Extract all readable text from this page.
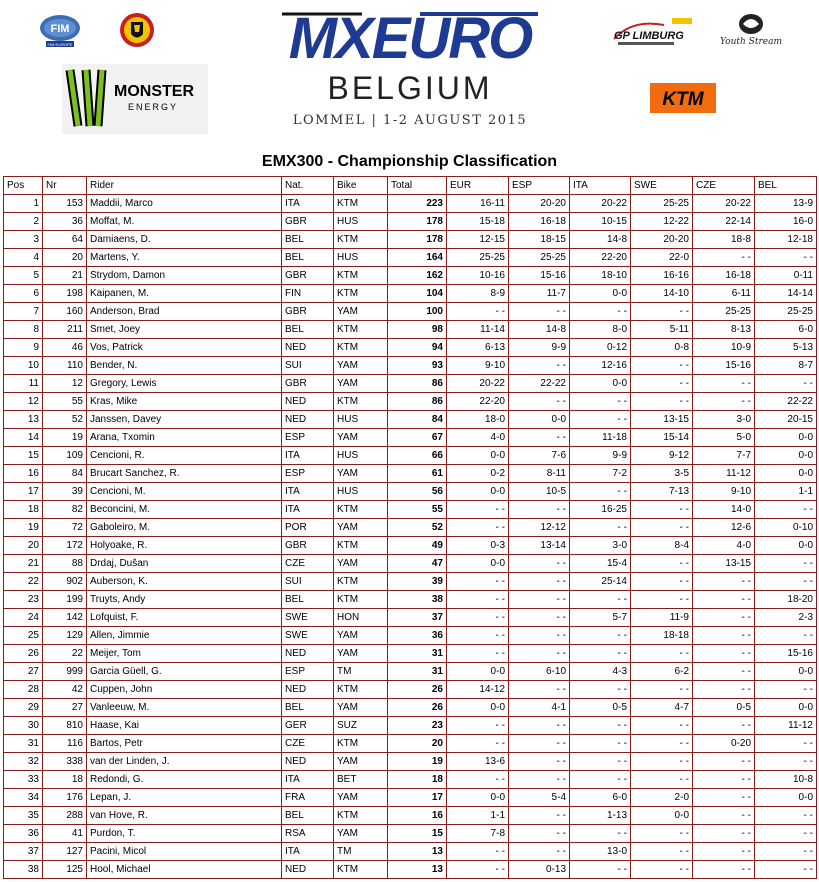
FIM
FIM EUROPE
MONSTER
ENERGY
MXEURO
BELGIUM
LOMMEL | 1-2 AUGUST 2015
GP LIMBURG	Youth Stream
KTM
EMX300 - Championship Classification
Pos	Nr	Rider	Nat.	Bike	Total	EUR	ESP	ITA	SWE	CZE	BEL
1	153	Maddii, Marco	ITA	KTM	223	16-11	20-20	20-22	25-25	20-22	13-9
2	36	Moffat, M.	GBR	HUS	178	15-18	16-18	10-15	12-22	22-14	16-0
3	64	Damiaens, D.	BEL	KTM	178	12-15	18-15	14-8	20-20	18-8	12-18
4	20	Martens, Y.	BEL	HUS	164	25-25	25-25	22-20	22-0	- -	- -
5	21	Strydom, Damon	GBR	KTM	162	10-16	15-16	18-10	16-16	16-18	0-11
6	198	Kaipanen, M.	FIN	KTM	104	8-9	11-7	0-0	14-10	6-11	14-14
7	160	Anderson, Brad	GBR	YAM	100	- -	- -	- -	- -	25-25	25-25
8	211	Smet, Joey	BEL	KTM	98	11-14	14-8	8-0	5-11	8-13	6-0
9	46	Vos, Patrick	NED	KTM	94	6-13	9-9	0-12	0-8	10-9	5-13
10	110	Bender, N.	SUI	YAM	93	9-10	- -	12-16	- -	15-16	8-7
11	12	Gregory, Lewis	GBR	YAM	86	20-22	22-22	0-0	- -	- -	- -
12	55	Kras, Mike	NED	KTM	86	22-20	- -	- -	- -	- -	22-22
13	52	Janssen, Davey	NED	HUS	84	18-0	0-0	- -	13-15	3-0	20-15
14	19	Arana, Txomin	ESP	YAM	67	4-0	- -	11-18	15-14	5-0	0-0
15	109	Cencioni, R.	ITA	HUS	66	0-0	7-6	9-9	9-12	7-7	0-0
16	84	Brucart Sanchez, R.	ESP	YAM	61	0-2	8-11	7-2	3-5	11-12	0-0
17	39	Cencioni, M.	ITA	HUS	56	0-0	10-5	- -	7-13	9-10	1-1
18	82	Beconcini, M.	ITA	KTM	55	- -	- -	16-25	- -	14-0	- -
19	72	Gaboleiro, M.	POR	YAM	52	- -	12-12	- -	- -	12-6	0-10
20	172	Holyoake, R.	GBR	KTM	49	0-3	13-14	3-0	8-4	4-0	0-0
21	88	Drdaj, Dušan	CZE	YAM	47	0-0	- -	15-4	- -	13-15	- -
22	902	Auberson, K.	SUI	KTM	39	- -	- -	25-14	- -	- -	- -
23	199	Truyts, Andy	BEL	KTM	38	- -	- -	- -	- -	- -	18-20
24	142	Lofquist, F.	SWE	HON	37	- -	- -	5-7	11-9	- -	2-3
25	129	Allen, Jimmie	SWE	YAM	36	- -	- -	- -	18-18	- -	- -
26	22	Meijer, Tom	NED	YAM	31	- -	- -	- -	- -	- -	15-16
27	999	Garcia Güell, G.	ESP	TM	31	0-0	6-10	4-3	6-2	- -	0-0
28	42	Cuppen, John	NED	KTM	26	14-12	- -	- -	- -	- -	- -
29	27	Vanleeuw, M.	BEL	YAM	26	0-0	4-1	0-5	4-7	0-5	0-0
30	810	Haase, Kai	GER	SUZ	23	- -	- -	- -	- -	- -	11-12
31	116	Bartos, Petr	CZE	KTM	20	- -	- -	- -	- -	0-20	- -
32	338	van der Linden, J.	NED	YAM	19	13-6	- -	- -	- -	- -	- -
33	18	Redondi, G.	ITA	BET	18	- -	- -	- -	- -	- -	10-8
34	176	Lepan, J.	FRA	YAM	17	0-0	5-4	6-0	2-0	- -	0-0
35	288	van Hove, R.	BEL	KTM	16	1-1	- -	1-13	0-0	- -	- -
36	41	Purdon, T.	RSA	YAM	15	7-8	- -	- -	- -	- -	- -
37	127	Pacini, Micol	ITA	TM	13	- -	- -	13-0	- -	- -	- -
38	125	Hool, Michael	NED	KTM	13	- -	0-13	- -	- -	- -	- -
